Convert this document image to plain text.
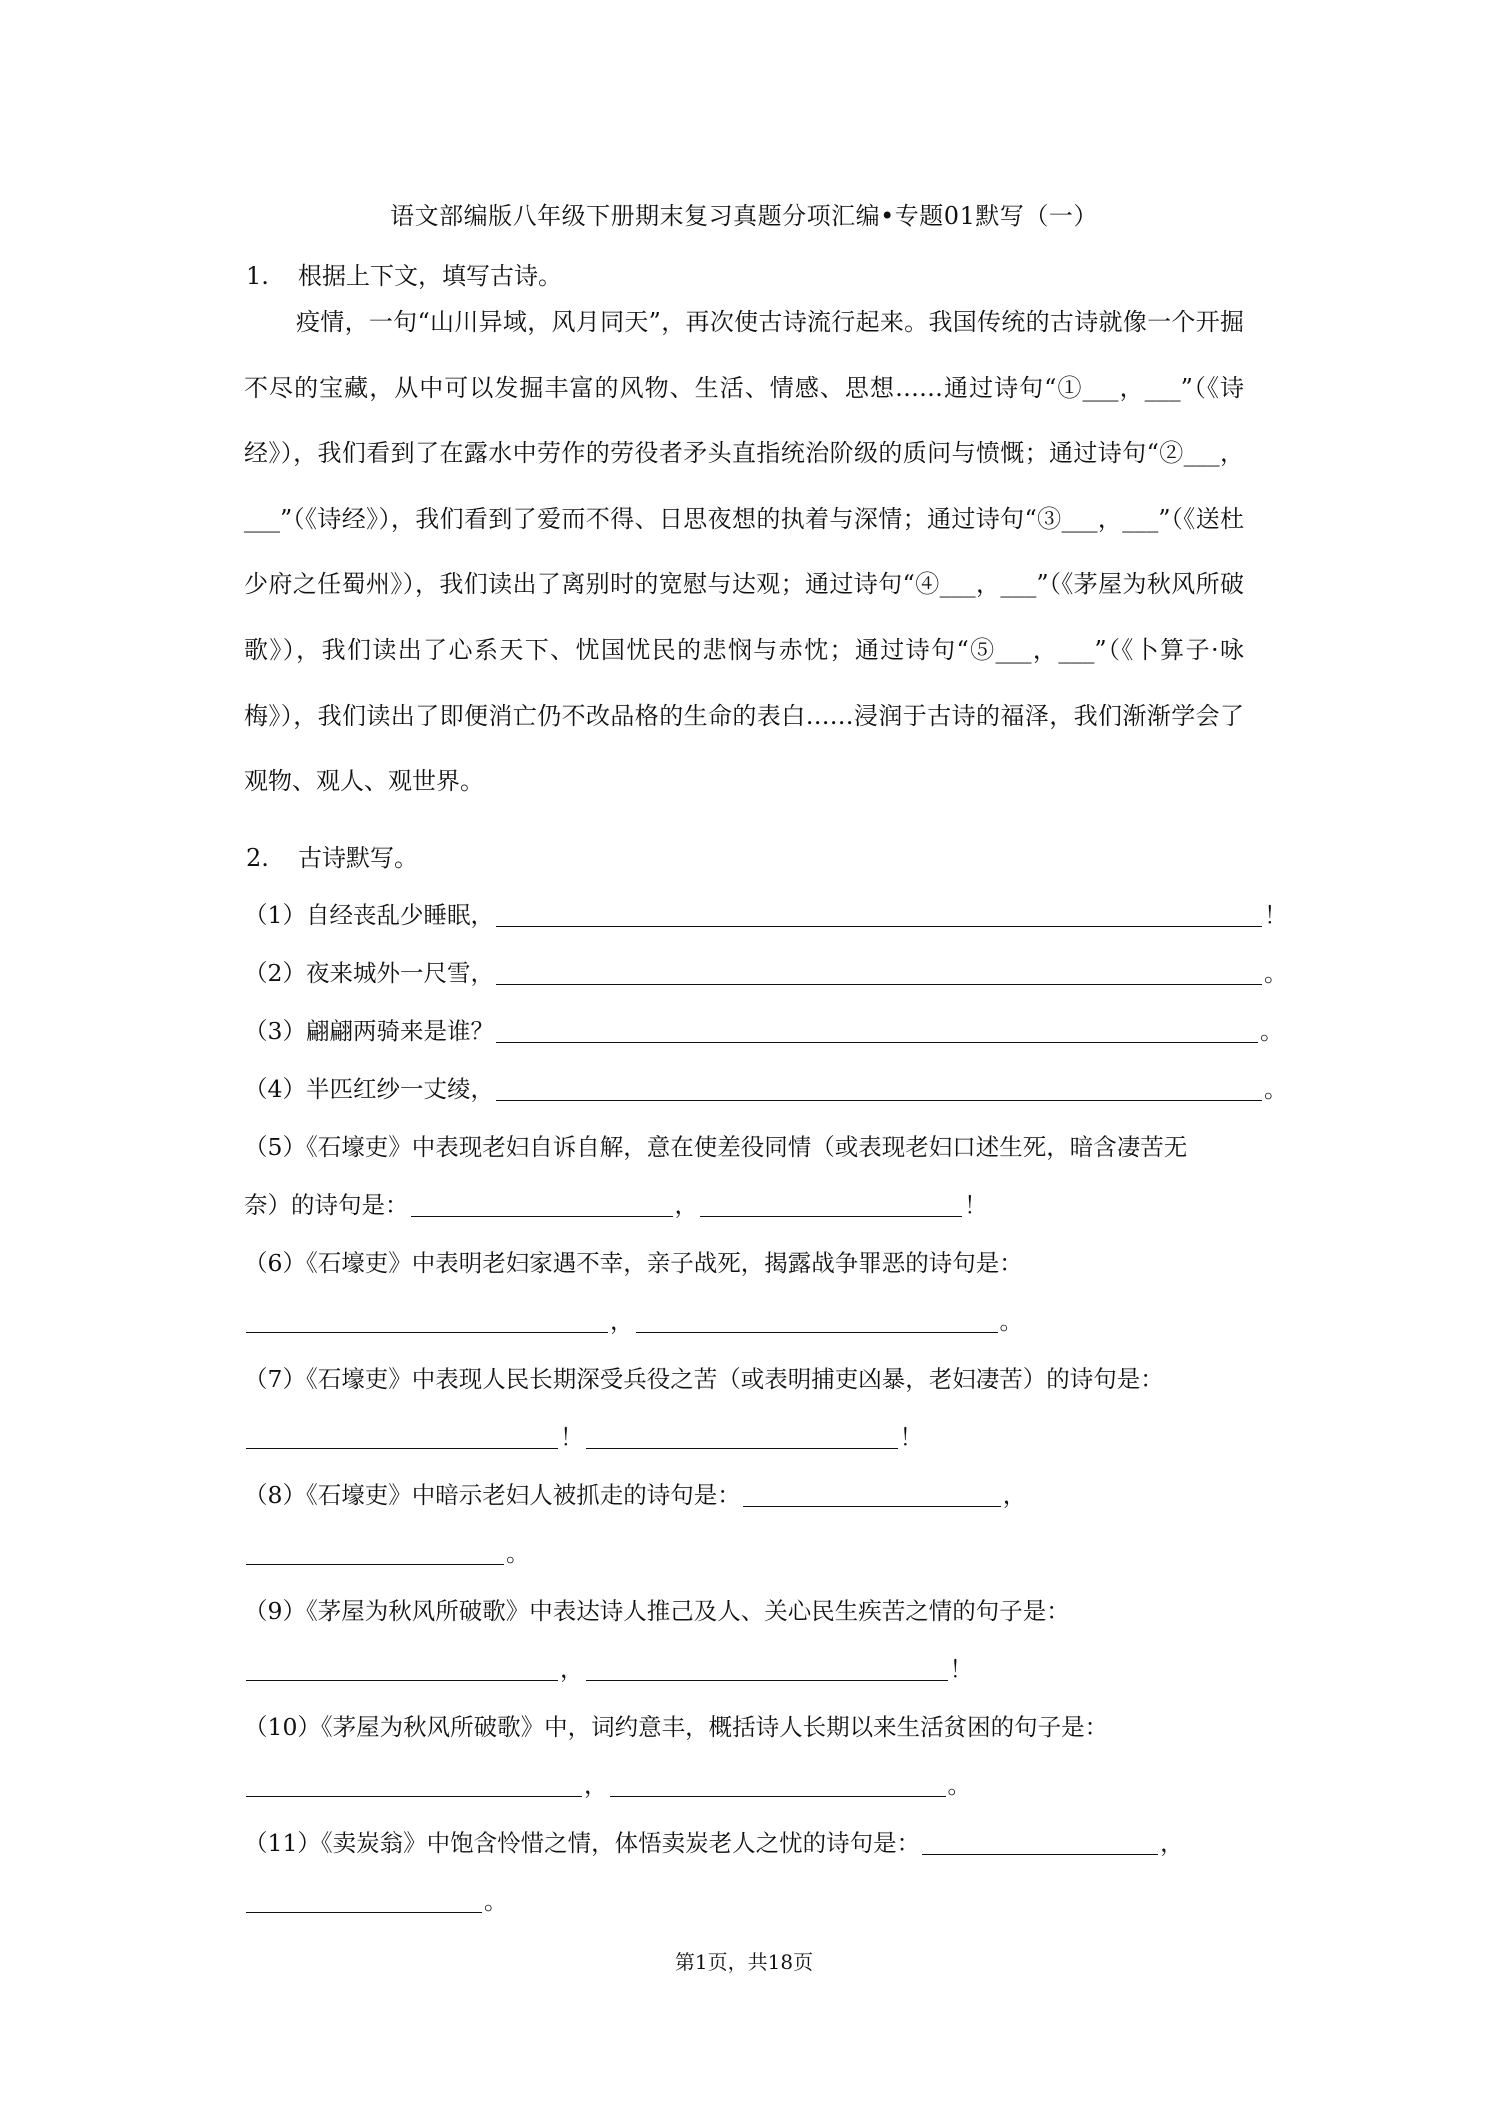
语文部编版八年级下册期末复习真题分项汇编•专题01默写（一）
1. 根据上下文，填写古诗。

疫情，一句“山川异域，风月同天”，再次使古诗流行起来。我国传统的古诗就像一个开掘不尽的宝藏，从中可以发掘丰富的风物、生活、情感、思想……通过诗句“①___，___”（《诗经》），我们看到了在露水中劳作的劳役者矛头直指统治阶级的质问与愤慨；通过诗句“②___，___”（《诗经》），我们看到了爱而不得、日思夜想的执着与深情；通过诗句“③___，___”（《送杜少府之任蜀州》），我们读出了离别时的宽慰与达观；通过诗句“④___，___”（《茅屋为秋风所破歌》），我们读出了心系天下、忧国忧民的悲悯与赤忱；通过诗句“⑤___，___”（《卜算子·咏梅》），我们读出了即便消亡仍不改品格的生命的表白……浸润于古诗的福泽，我们渐渐学会了观物、观人、观世界。

2. 古诗默写。
（1）自经丧乱少睡眠，	！
（2）夜来城外一尺雪，	。
（3）翩翩两骑来是谁？	。
（4）半匹红纱一丈绫，	。
（5）《石壕吏》中表现老妇自诉自解，意在使差役同情（或表现老妇口述生死，暗含凄苦无
奈）的诗句是：	，	！
（6）《石壕吏》中表明老妇家遇不幸，亲子战死，揭露战争罪恶的诗句是：
，	。
（7）《石壕吏》中表现人民长期深受兵役之苦（或表明捕吏凶暴，老妇凄苦）的诗句是：
！	！
（8）《石壕吏》中暗示老妇人被抓走的诗句是：	，
。
（9）《茅屋为秋风所破歌》中表达诗人推己及人、关心民生疾苦之情的句子是：
，	！
（10）《茅屋为秋风所破歌》中，词约意丰，概括诗人长期以来生活贫困的句子是：
，	。
（11）《卖炭翁》中饱含怜惜之情，体悟卖炭老人之忧的诗句是：	，
。
第1页，共18页
